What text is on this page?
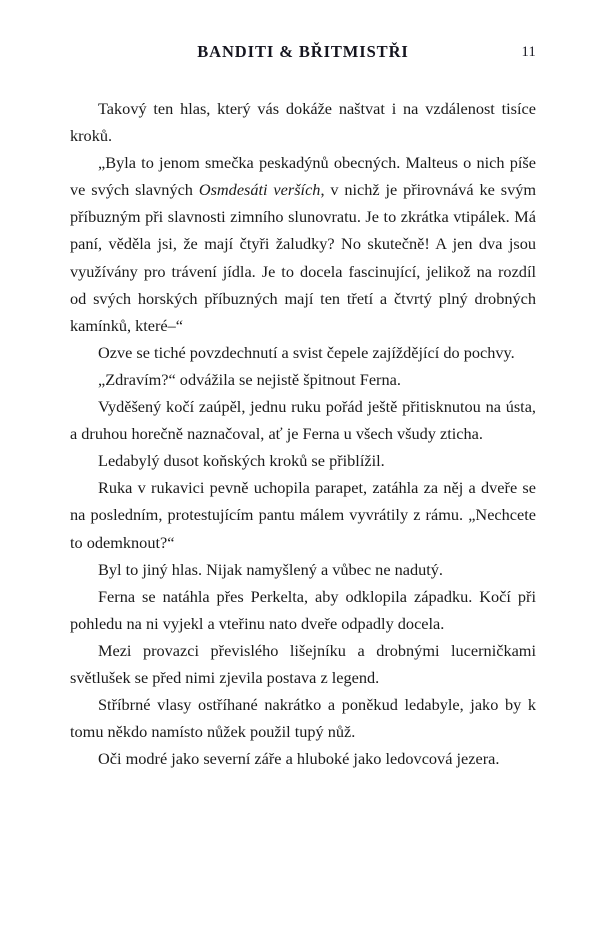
BANDITI & BŘITMISTŘI	11

Takový ten hlas, který vás dokáže naštvat i na vzdálenost tisíce kroků.

„Byla to jenom smečka peskadýnů obecných. Malteus o nich píše ve svých slavných Osmdesáti verších, v nichž je přirovnává ke svým příbuzným při slavnosti zimního slunovratu. Je to zkrátka vtipálek. Má paní, věděla jsi, že mají čtyři žaludky? No skutečně! A jen dva jsou využívány pro trávení jídla. Je to docela fascinující, jelikož na rozdíl od svých horských příbuzných mají ten třetí a čtvrtý plný drobných kamínků, které–“

Ozve se tiché povzdechnutí a svist čepele zajíždějící do pochvy.

„Zdravím?“ odvážila se nejistě špitnout Ferna.

Vyděšený kočí zaúpěl, jednu ruku pořád ještě přitisknutou na ústa, a druhou horečně naznačoval, ať je Ferna u všech všudy zticha.

Ledabylý dusot koňských kroků se přiblížil.

Ruka v rukavici pevně uchopila parapet, zatáhla za něj a dveře se na posledním, protestujícím pantu málem vyvrátily z rámu. „Nechcete to odemknout?“

Byl to jiný hlas. Nijak namyšlený a vůbec ne nadutý.

Ferna se natáhla přes Perkelta, aby odklopila západku. Kočí při pohledu na ni vyjekl a vteřinu nato dveře odpadly docela.

Mezi provazci převislého lišejníku a drobnými lucerničkami světlušek se před nimi zjevila postava z legend.

Stříbrné vlasy ostříhané nakrátko a poněkud ledabyle, jako by k tomu někdo namísto nůžek použil tupý nůž.

Oči modré jako severní záře a hluboké jako ledovcová jezera.
